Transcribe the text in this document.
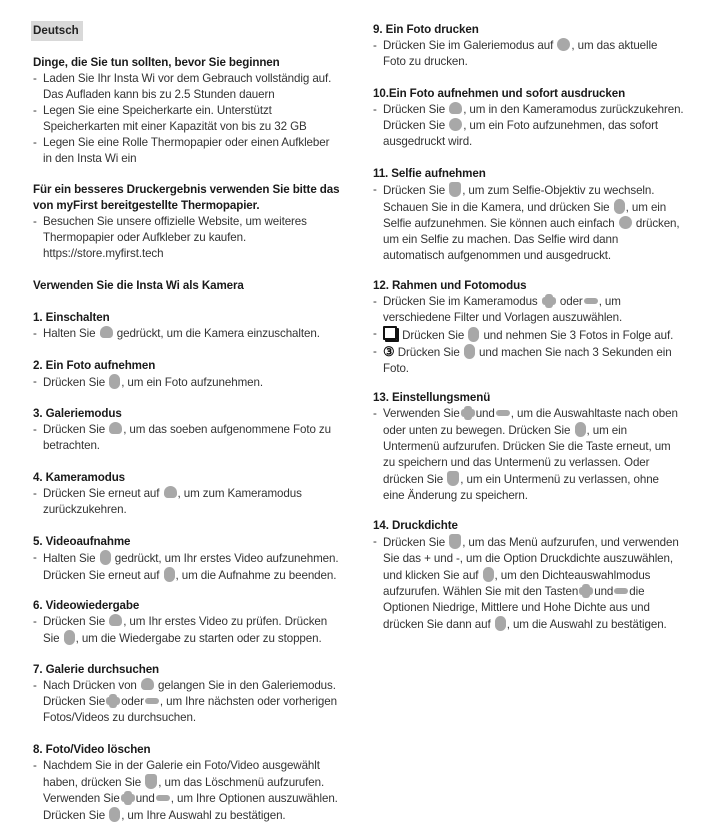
Deutsch
Dinge, die Sie tun sollten, bevor Sie beginnen
- Laden Sie Ihr Insta Wi vor dem Gebrauch vollständig auf.
Das Aufladen kann bis zu 2.5 Stunden dauern
- Legen Sie eine Speicherkarte ein. Unterstützt
Speicherkarten mit einer Kapazität von bis zu 32 GB
- Legen Sie eine Rolle Thermopapier oder einen Aufkleber
in den Insta Wi ein
Für ein besseres Druckergebnis verwenden Sie bitte das
von myFirst bereitgestellte Thermopapier.
- Besuchen Sie unsere offizielle Website, um weiteres
Thermopapier oder Aufkleber zu kaufen.
https://store.myfirst.tech
Verwenden Sie die Insta Wi als Kamera
1. Einschalten
- Halten Sie gedrückt, um die Kamera einzuschalten.
2. Ein Foto aufnehmen
- Drücken Sie , um ein Foto aufzunehmen.
3. Galeriemodus
- Drücken Sie , um das soeben aufgenommene Foto zu
betrachten.
4. Kameramodus
- Drücken Sie erneut auf , um zum Kameramodus
zurückzukehren.
5. Videoaufnahme
- Halten Sie gedrückt, um Ihr erstes Video aufzunehmen.
Drücken Sie erneut auf , um die Aufnahme zu beenden.
6. Videowiedergabe
- Drücken Sie , um Ihr erstes Video zu prüfen. Drücken
Sie , um die Wiedergabe zu starten oder zu stoppen.
7. Galerie durchsuchen
- Nach Drücken von gelangen Sie in den Galeriemodus.
Drücken Sie oder , um Ihre nächsten oder vorherigen
Fotos/Videos zu durchsuchen.
8. Foto/Video löschen
- Nachdem Sie in der Galerie ein Foto/Video ausgewählt
haben, drücken Sie , um das Löschmenü aufzurufen.
Verwenden Sie und , um Ihre Optionen auszuwählen.
Drücken Sie , um Ihre Auswahl zu bestätigen.
9. Ein Foto drucken
- Drücken Sie im Galeriemodus auf , um das aktuelle
Foto zu drucken.
10.Ein Foto aufnehmen und sofort ausdrucken
- Drücken Sie , um in den Kameramodus zurückzukehren.
Drücken Sie , um ein Foto aufzunehmen, das sofort
ausgedruckt wird.
11. Selfie aufnehmen
- Drücken Sie , um zum Selfie-Objektiv zu wechseln.
Schauen Sie in die Kamera, und drücken Sie , um ein
Selfie aufzunehmen. Sie können auch einfach drücken,
um ein Selfie zu machen. Das Selfie wird dann
automatisch aufgenommen und ausgedruckt.
12. Rahmen und Fotomodus
- Drücken Sie im Kameramodus oder , um
verschiedene Filter und Vorlagen auszuwählen.
- Drücken Sie und nehmen Sie 3 Fotos in Folge auf.
- ③ Drücken Sie und machen Sie nach 3 Sekunden ein
Foto.
13. Einstellungsmenü
- Verwenden Sie und , um die Auswahltaste nach oben
oder unten zu bewegen. Drücken Sie , um ein
Untermenü aufzurufen. Drücken Sie die Taste erneut, um
zu speichern und das Untermenü zu verlassen. Oder
drücken Sie , um ein Untermenü zu verlassen, ohne
eine Änderung zu speichern.
14. Druckdichte
- Drücken Sie , um das Menü aufzurufen, und verwenden
Sie das + und -, um die Option Druckdichte auszuwählen,
und klicken Sie auf , um den Dichteauswahlmodus
aufzurufen. Wählen Sie mit den Tasten und die
Optionen Niedrige, Mittlere und Hohe Dichte aus und
drücken Sie dann auf , um die Auswahl zu bestätigen.
